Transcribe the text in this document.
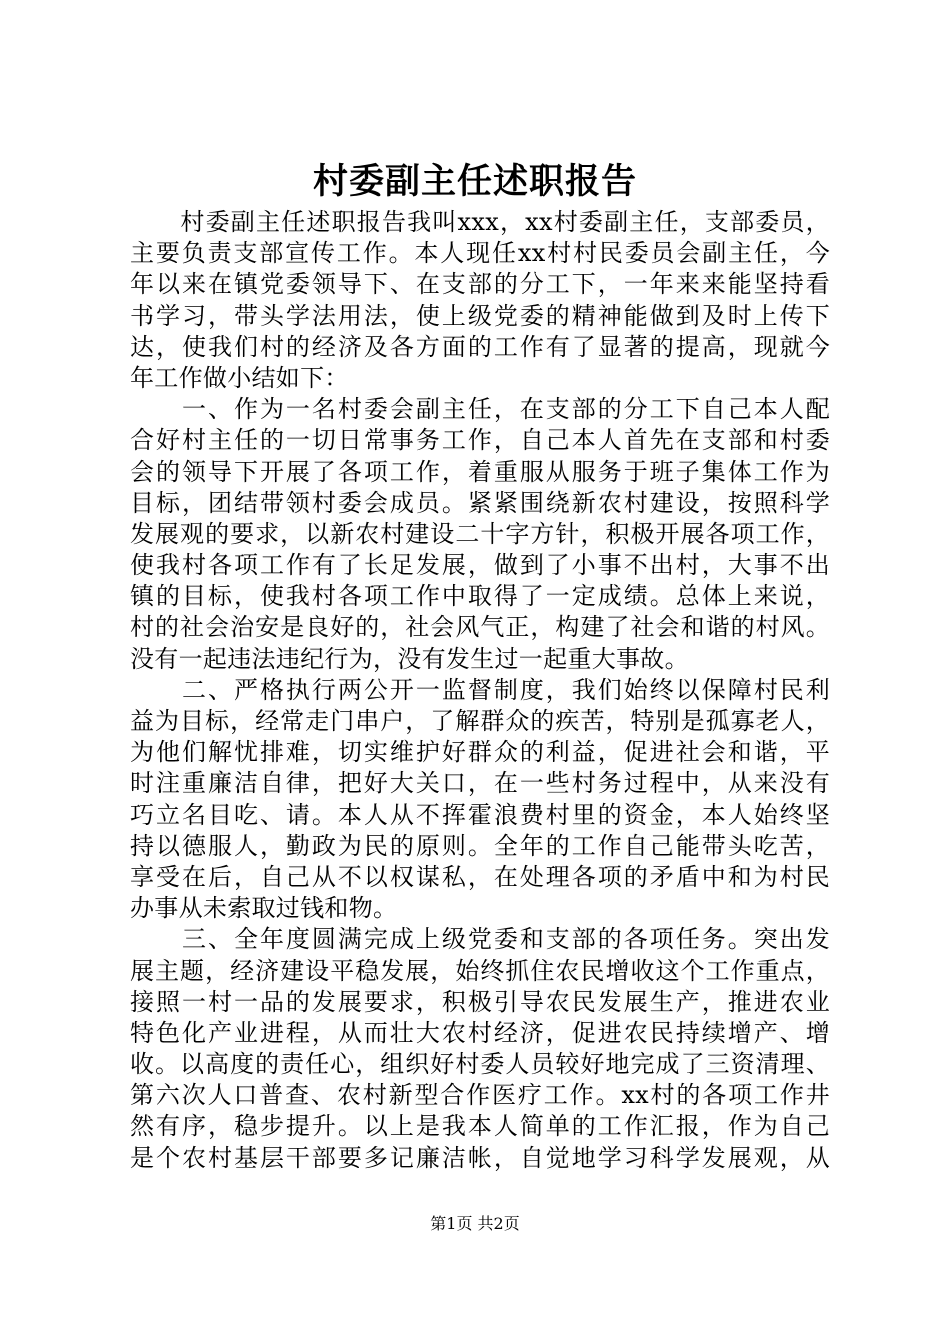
村委副主任述职报告
　　村委副主任述职报告我叫xxx，xx村委副主任，支部委员，
主要负责支部宣传工作。本人现任xx村村民委员会副主任，今
年以来在镇党委领导下、在支部的分工下，一年来来能坚持看
书学习，带头学法用法，使上级党委的精神能做到及时上传下
达，使我们村的经济及各方面的工作有了显著的提高，现就今
年工作做小结如下：
　　一、作为一名村委会副主任，在支部的分工下自己本人配
合好村主任的一切日常事务工作，自己本人首先在支部和村委
会的领导下开展了各项工作，着重服从服务于班子集体工作为
目标，团结带领村委会成员。紧紧围绕新农村建设，按照科学
发展观的要求，以新农村建设二十字方针，积极开展各项工作，
使我村各项工作有了长足发展，做到了小事不出村，大事不出
镇的目标，使我村各项工作中取得了一定成绩。总体上来说，
村的社会治安是良好的，社会风气正，构建了社会和谐的村风。
没有一起违法违纪行为，没有发生过一起重大事故。
　　二、严格执行两公开一监督制度，我们始终以保障村民利
益为目标，经常走门串户，了解群众的疾苦，特别是孤寡老人，
为他们解忧排难，切实维护好群众的利益，促进社会和谐，平
时注重廉洁自律，把好大关口，在一些村务过程中，从来没有
巧立名目吃、请。本人从不挥霍浪费村里的资金，本人始终坚
持以德服人，勤政为民的原则。全年的工作自己能带头吃苦，
享受在后，自己从不以权谋私，在处理各项的矛盾中和为村民
办事从未索取过钱和物。
　　三、全年度圆满完成上级党委和支部的各项任务。突出发
展主题，经济建设平稳发展，始终抓住农民增收这个工作重点，
接照一村一品的发展要求，积极引导农民发展生产，推进农业
特色化产业进程，从而壮大农村经济，促进农民持续增产、增
收。以高度的责任心，组织好村委人员较好地完成了三资清理、
第六次人口普查、农村新型合作医疗工作。xx村的各项工作井
然有序，稳步提升。以上是我本人简单的工作汇报，作为自己
是个农村基层干部要多记廉洁帐，自觉地学习科学发展观，从
第1页 共2页
